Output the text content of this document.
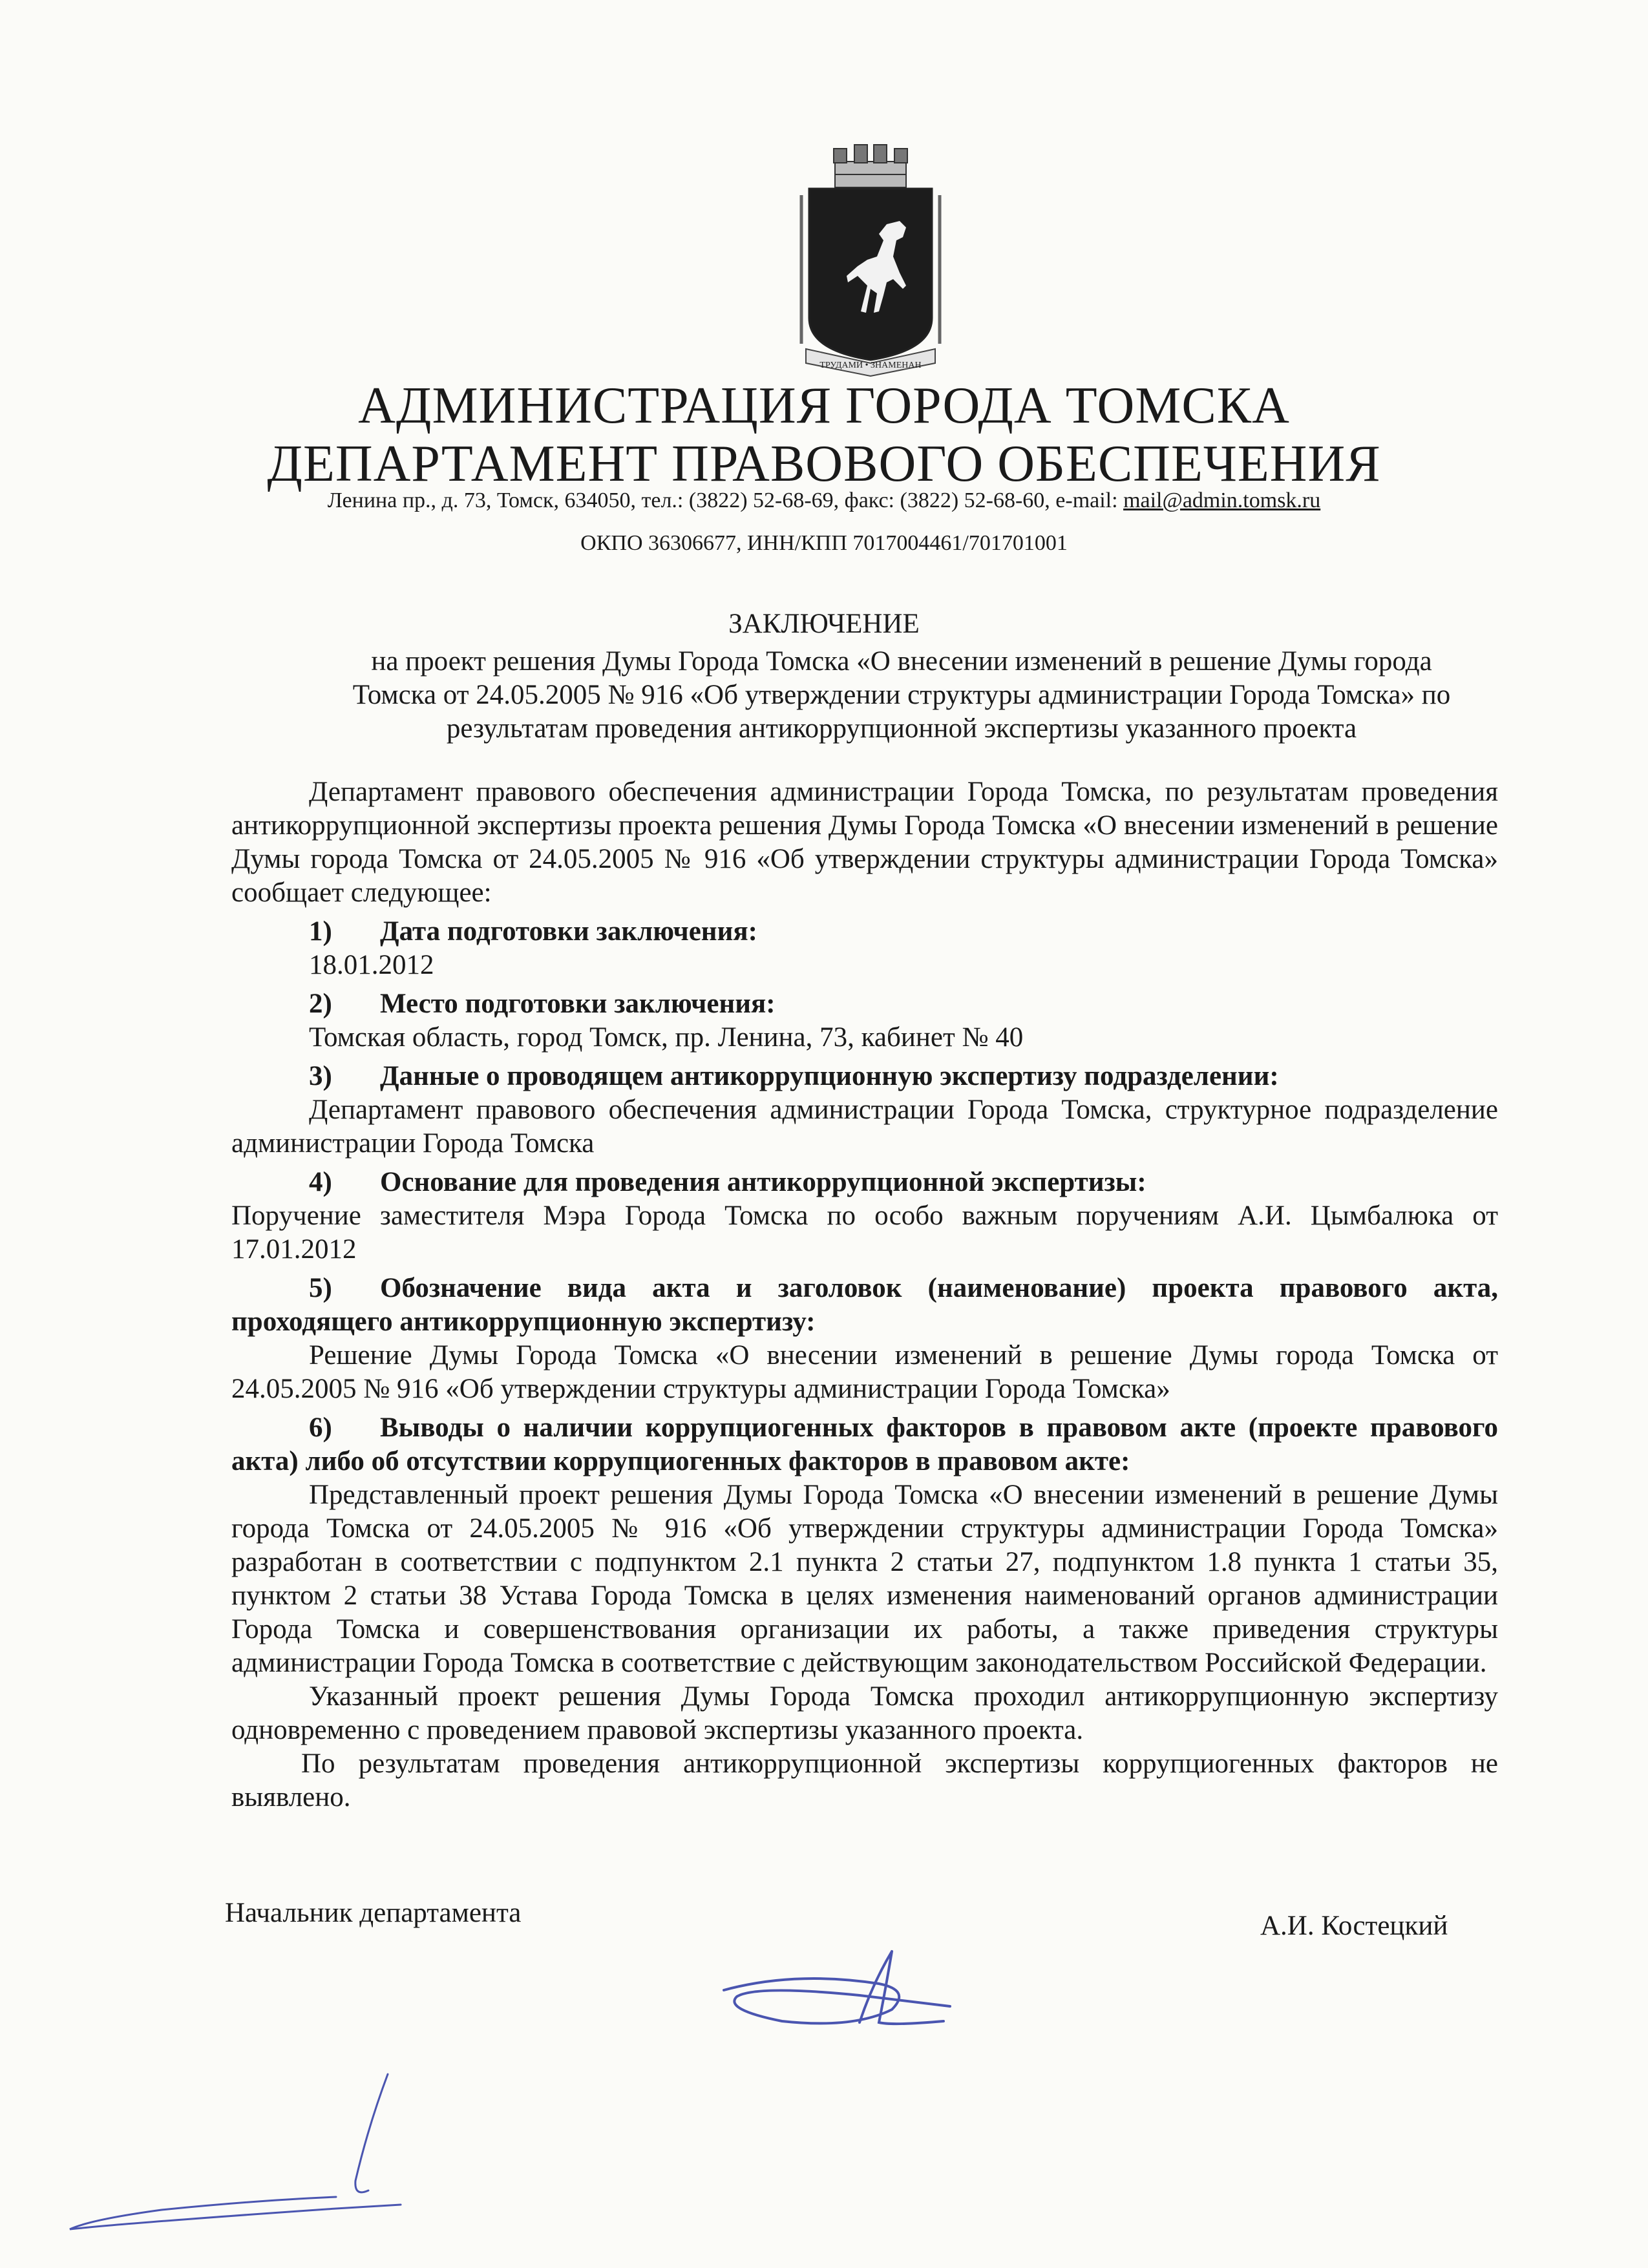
ТРУДАМИ • ЗНАМЕНАН
АДМИНИСТРАЦИЯ ГОРОДА ТОМСКА
ДЕПАРТАМЕНТ ПРАВОВОГО ОБЕСПЕЧЕНИЯ
Ленина пр., д. 73, Томск, 634050, тел.: (3822) 52-68-69, факс: (3822) 52-68-60, e-mail: mail@admin.tomsk.ru
ОКПО 36306677, ИНН/КПП 7017004461/701701001
ЗАКЛЮЧЕНИЕ
на проект решения Думы Города Томска «О внесении изменений в решение Думы города
Томска от 24.05.2005 № 916 «Об утверждении структуры администрации Города Томска» по
результатам проведения антикоррупционной экспертизы указанного проекта

Департамент правового обеспечения администрации Города Томска, по результатам проведения антикоррупционной экспертизы проекта решения Думы Города Томска «О внесении изменений в решение Думы города Томска от 24.05.2005 № 916 «Об утверждении структуры администрации Города Томска» сообщает следующее:

1) Дата подготовки заключения:

18.01.2012

2) Место подготовки заключения:

Томская область, город Томск, пр. Ленина, 73, кабинет № 40

3) Данные о проводящем антикоррупционную экспертизу подразделении:

Департамент правового обеспечения администрации Города Томска, структурное подразделение администрации Города Томска

4) Основание для проведения антикоррупционной экспертизы:

Поручение заместителя Мэра Города Томска по особо важным поручениям А.И. Цымбалюка от 17.01.2012

5) Обозначение вида акта и заголовок (наименование) проекта правового акта, проходящего антикоррупционную экспертизу:

Решение Думы Города Томска «О внесении изменений в решение Думы города Томска от 24.05.2005 № 916 «Об утверждении структуры администрации Города Томска»

6) Выводы о наличии коррупциогенных факторов в правовом акте (проекте правового акта) либо об отсутствии коррупциогенных факторов в правовом акте:

Представленный проект решения Думы Города Томска «О внесении изменений в решение Думы города Томска от 24.05.2005 № 916 «Об утверждении структуры администрации Города Томска» разработан в соответствии с подпунктом 2.1 пункта 2 статьи 27, подпунктом 1.8 пункта 1 статьи 35, пунктом 2 статьи 38 Устава Города Томска в целях изменения наименований органов администрации Города Томска и совершенствования организации их работы, а также приведения структуры администрации Города Томска в соответствие с действующим законодательством Российской Федерации.

Указанный проект решения Думы Города Томска проходил антикоррупционную экспертизу одновременно с проведением правовой экспертизы указанного проекта.

По результатам проведения антикоррупционной экспертизы коррупциогенных факторов не выявлено.

Начальник департамента	А.И. Костецкий
